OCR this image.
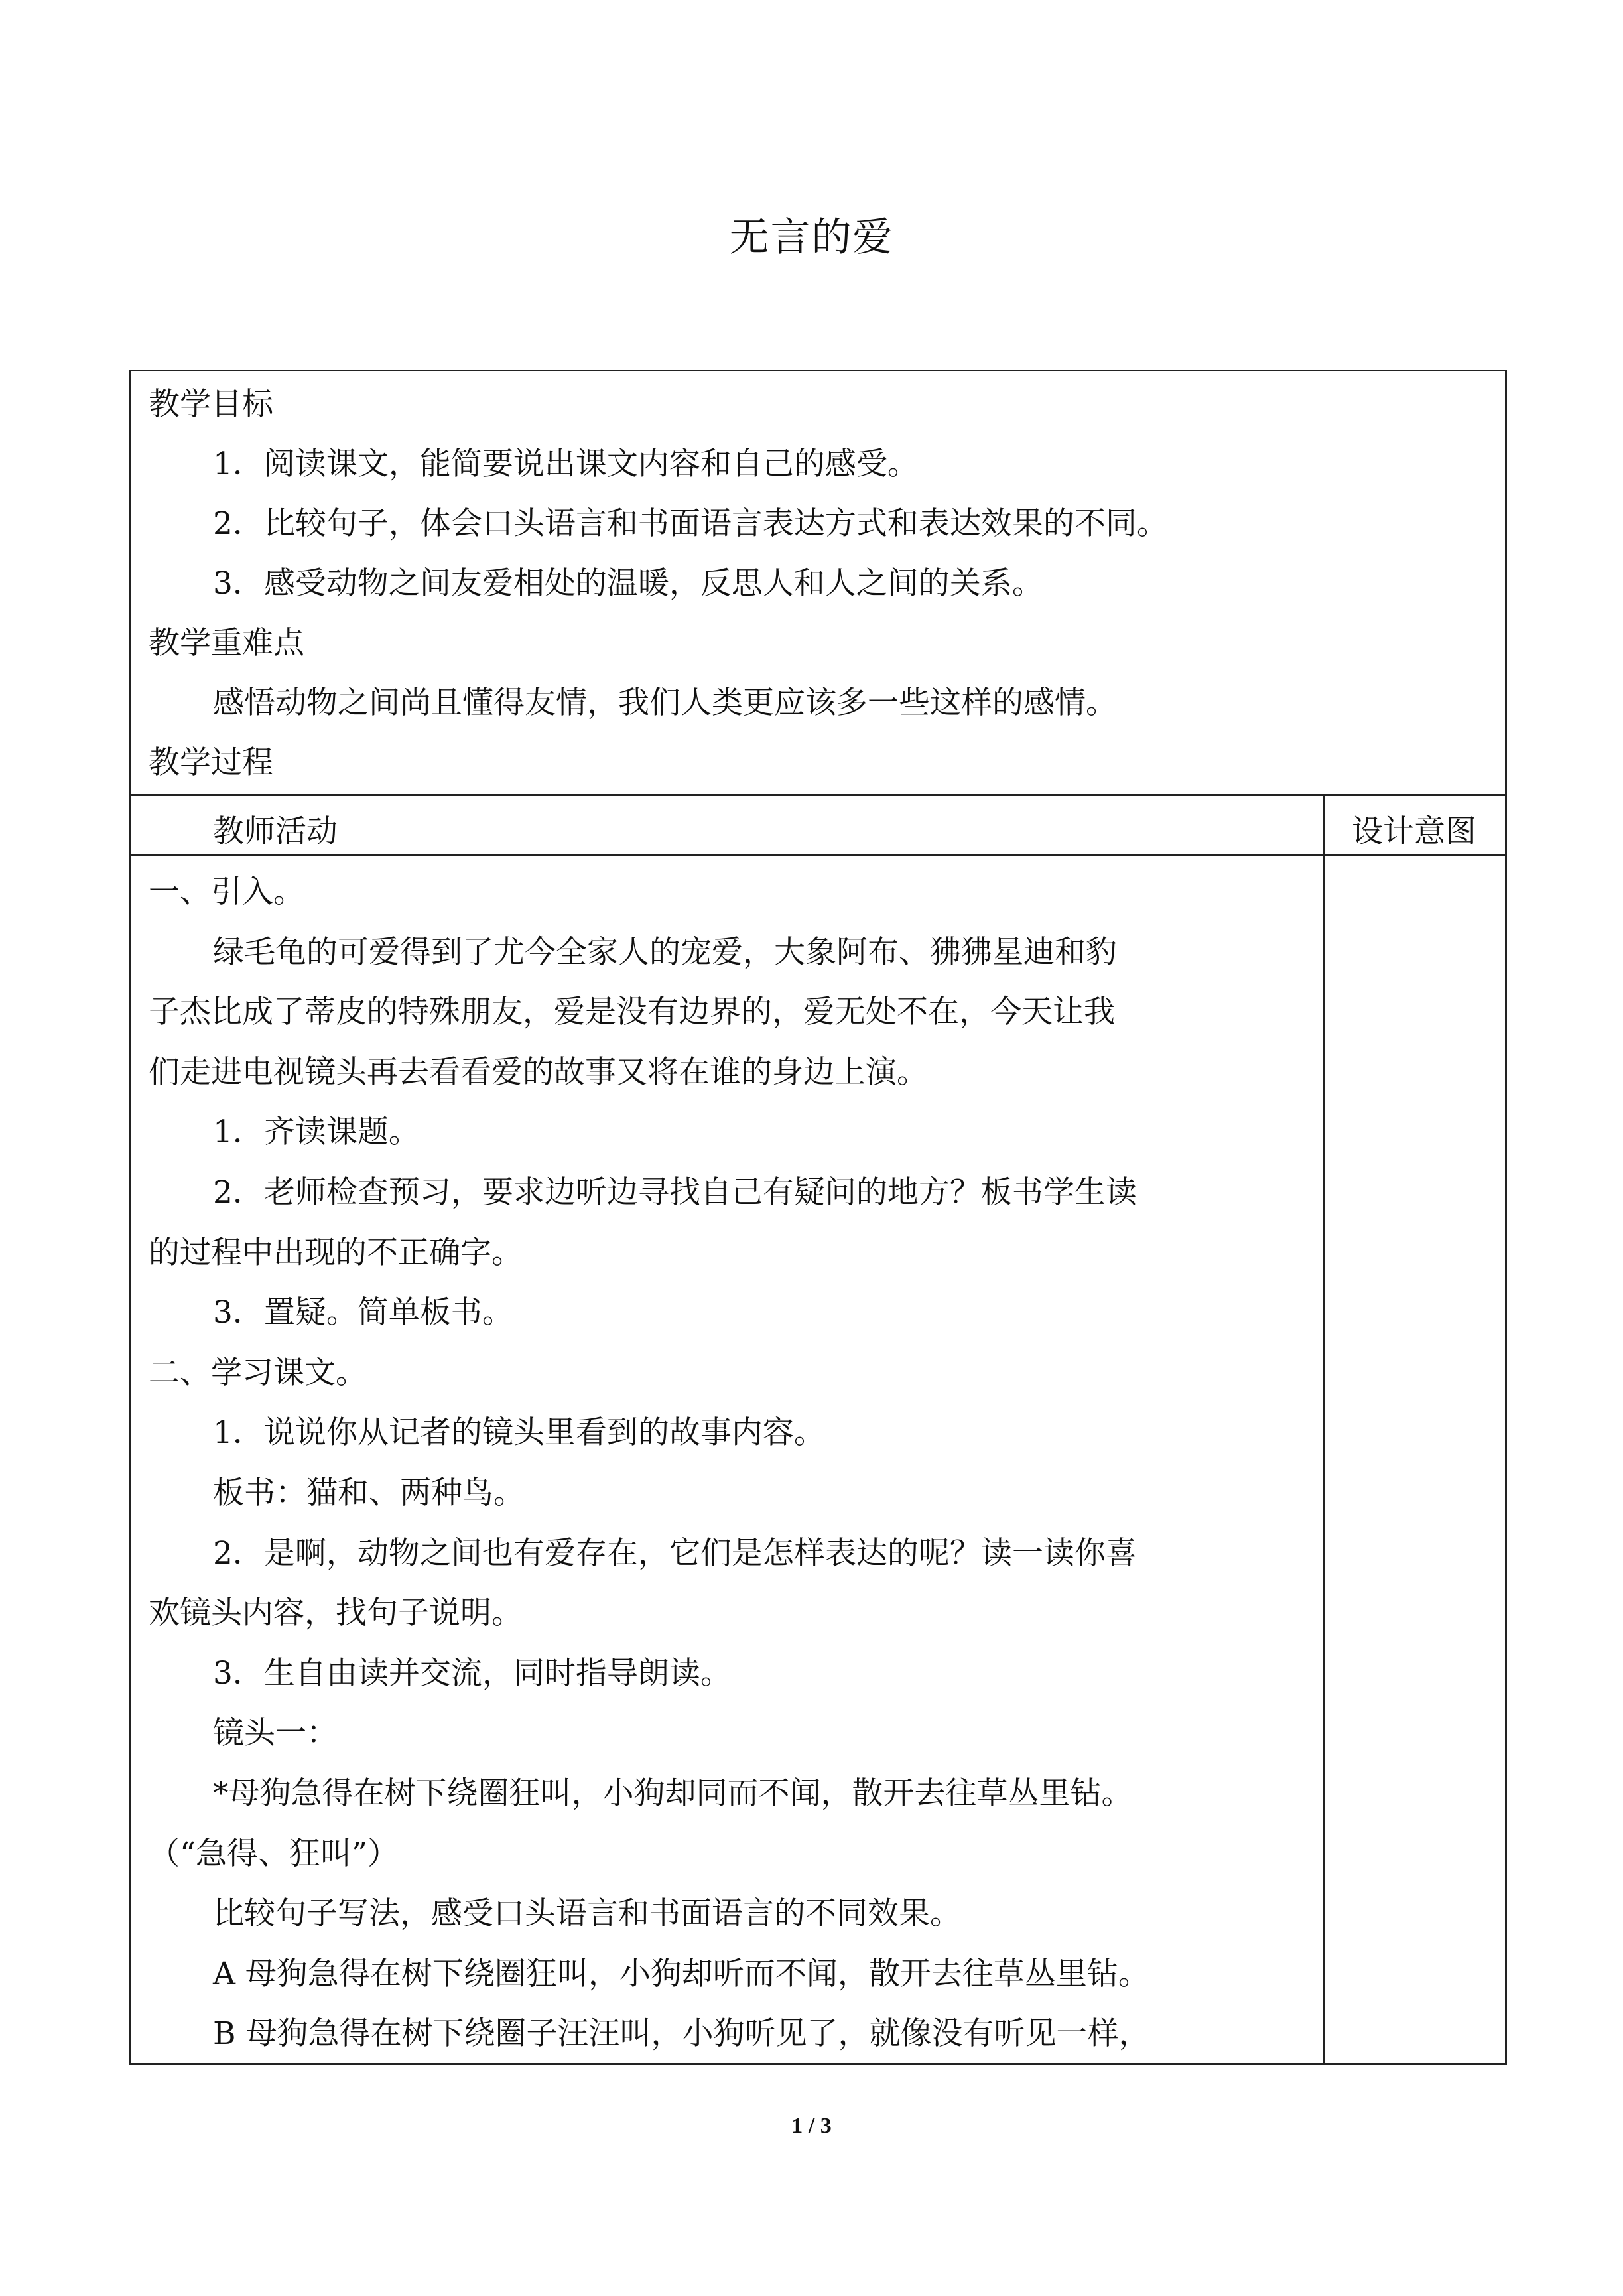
无言的爱
教学目标
1．阅读课文，能简要说出课文内容和自己的感受。
2．比较句子，体会口头语言和书面语言表达方式和表达效果的不同。
3．感受动物之间友爱相处的温暖，反思人和人之间的关系。
教学重难点
感悟动物之间尚且懂得友情，我们人类更应该多一些这样的感情。
教学过程
教师活动	设计意图
一、引入。
绿毛龟的可爱得到了尤今全家人的宠爱，大象阿布、狒狒星迪和豹
子杰比成了蒂皮的特殊朋友，爱是没有边界的，爱无处不在，今天让我
们走进电视镜头再去看看爱的故事又将在谁的身边上演。
1．齐读课题。
2．老师检查预习，要求边听边寻找自己有疑问的地方？板书学生读
的过程中出现的不正确字。
3．置疑。简单板书。
二、学习课文。
1．说说你从记者的镜头里看到的故事内容。
板书：猫和、两种鸟。
2．是啊，动物之间也有爱存在，它们是怎样表达的呢？读一读你喜
欢镜头内容，找句子说明。
3．生自由读并交流，同时指导朗读。
镜头一：
*母狗急得在树下绕圈狂叫，小狗却同而不闻，散开去往草丛里钻。
（“急得、狂叫”）
比较句子写法，感受口头语言和书面语言的不同效果。
A 母狗急得在树下绕圈狂叫，小狗却听而不闻，散开去往草丛里钻。
B 母狗急得在树下绕圈子汪汪叫，小狗听见了，就像没有听见一样，
1 / 3
